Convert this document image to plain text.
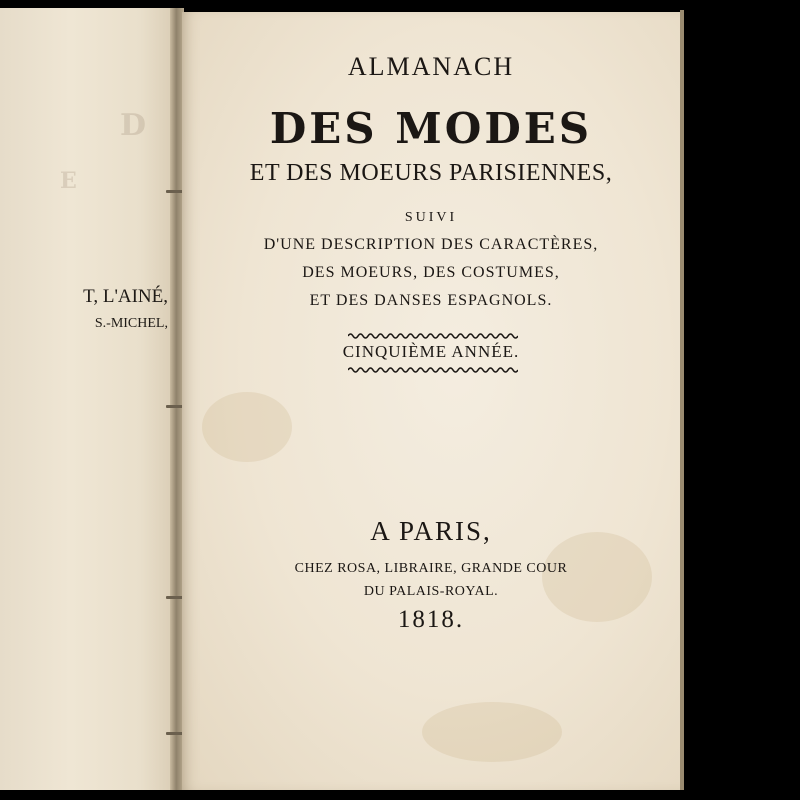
D
E
T, L'AINÉ,
S.-MICHEL,
ALMANACH
DES MODES
ET DES MOEURS PARISIENNES,
SUIVI
D'UNE DESCRIPTION DES CARACTÈRES,
DES MOEURS, DES COSTUMES,
ET DES DANSES ESPAGNOLS.
CINQUIÈME ANNÉE.
A PARIS,
CHEZ ROSA, LIBRAIRE, GRANDE COUR
DU PALAIS-ROYAL.
1818.
